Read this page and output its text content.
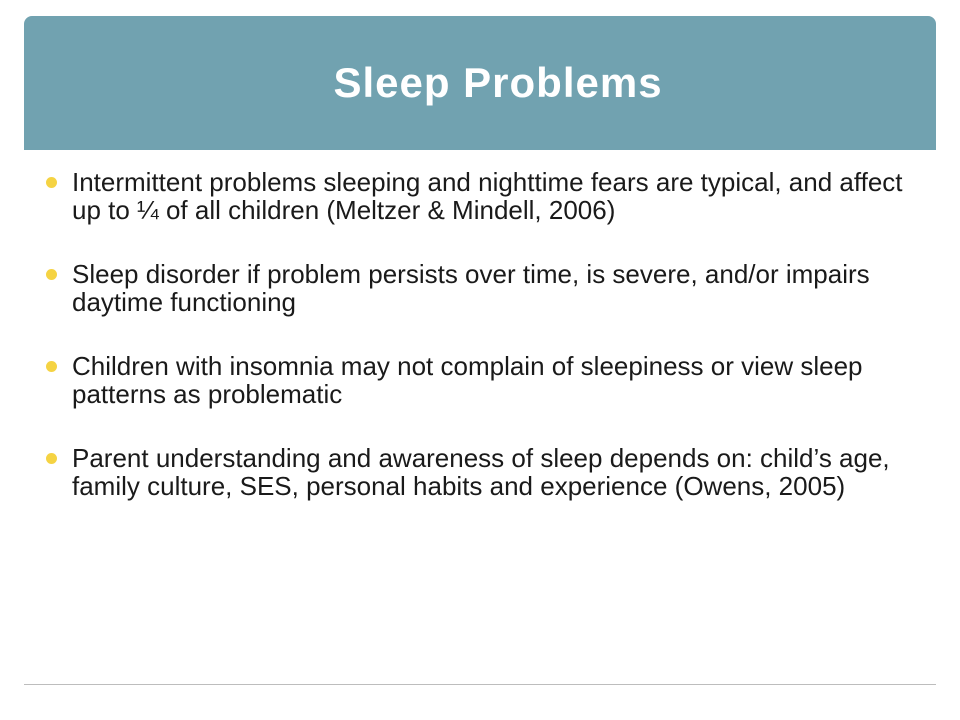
Sleep Problems
Intermittent problems sleeping and nighttime fears are typical, and affect up to ¼ of all children (Meltzer & Mindell, 2006)
Sleep disorder if problem persists over time, is severe, and/or impairs daytime functioning
Children with insomnia may not complain of sleepiness or view sleep patterns as problematic
Parent understanding and awareness of sleep depends on: child’s age, family culture, SES, personal habits and experience (Owens, 2005)
